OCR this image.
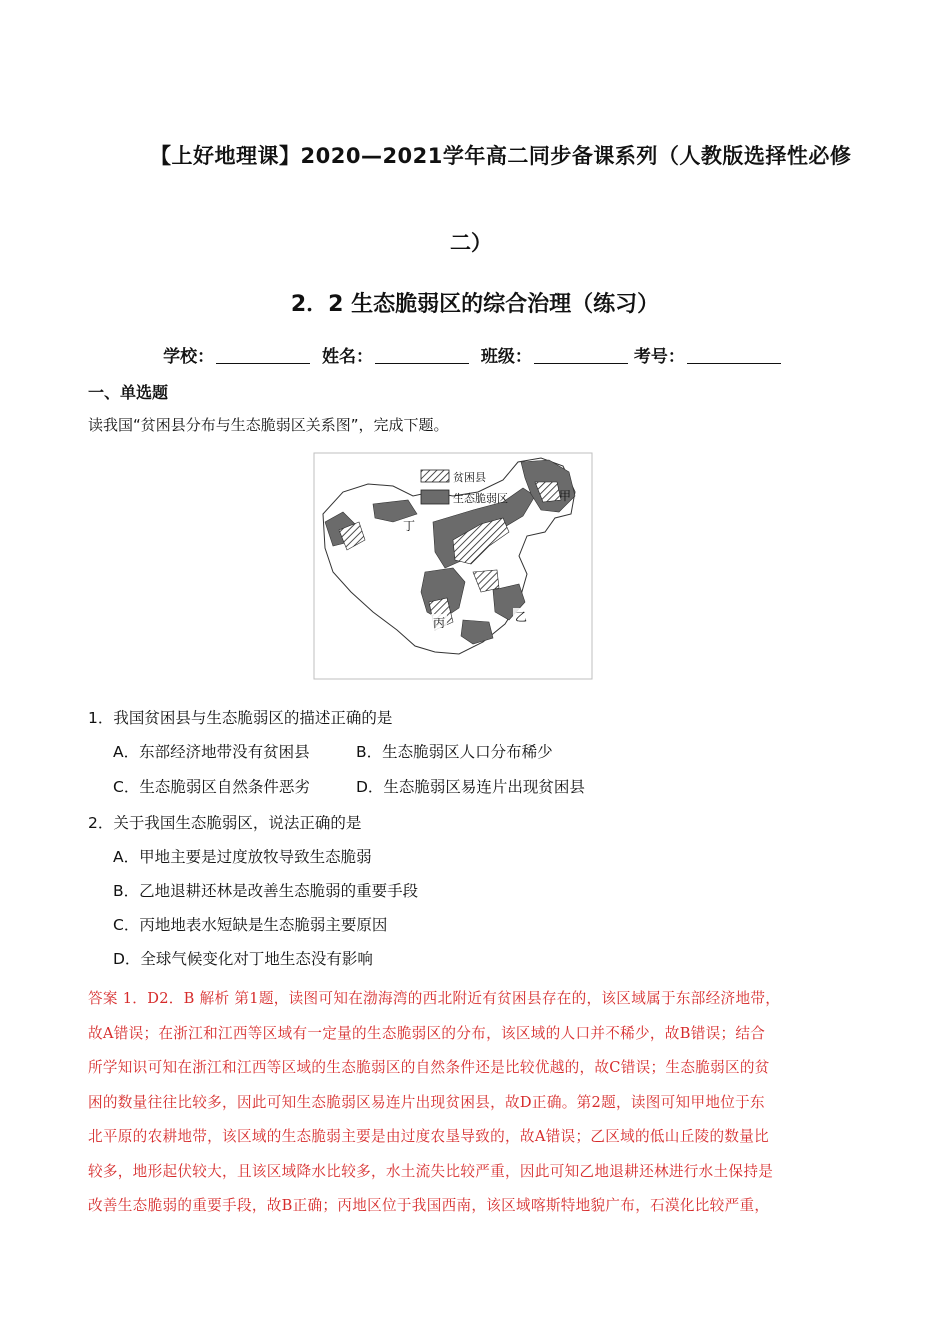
【上好地理课】2020—2021学年高二同步备课系列（人教版选择性必修
二）
2．2 生态脆弱区的综合治理（练习）
学校：	姓名：	班级：	考号：
一、单选题
读我国“贫困县分布与生态脆弱区关系图”，完成下题。
贫困县
生态脆弱区	甲
丁
丙	乙
1．我国贫困县与生态脆弱区的描述正确的是
A．东部经济地带没有贫困县	B．生态脆弱区人口分布稀少
C．生态脆弱区自然条件恶劣	D．生态脆弱区易连片出现贫困县
2．关于我国生态脆弱区，说法正确的是
A．甲地主要是过度放牧导致生态脆弱
B．乙地退耕还林是改善生态脆弱的重要手段
C．丙地地表水短缺是生态脆弱主要原因
D．全球气候变化对丁地生态没有影响
答案 1．D2．B 解析 第1题，读图可知在渤海湾的西北附近有贫困县存在的，该区域属于东部经济地带，
故A错误；在浙江和江西等区域有一定量的生态脆弱区的分布，该区域的人口并不稀少，故B错误；结合
所学知识可知在浙江和江西等区域的生态脆弱区的自然条件还是比较优越的，故C错误；生态脆弱区的贫
困的数量往往比较多，因此可知生态脆弱区易连片出现贫困县，故D正确。第2题，读图可知甲地位于东
北平原的农耕地带，该区域的生态脆弱主要是由过度农垦导致的，故A错误；乙区域的低山丘陵的数量比
较多，地形起伏较大，且该区域降水比较多，水土流失比较严重，因此可知乙地退耕还林进行水土保持是
改善生态脆弱的重要手段，故B正确；丙地区位于我国西南，该区域喀斯特地貌广布，石漠化比较严重，
